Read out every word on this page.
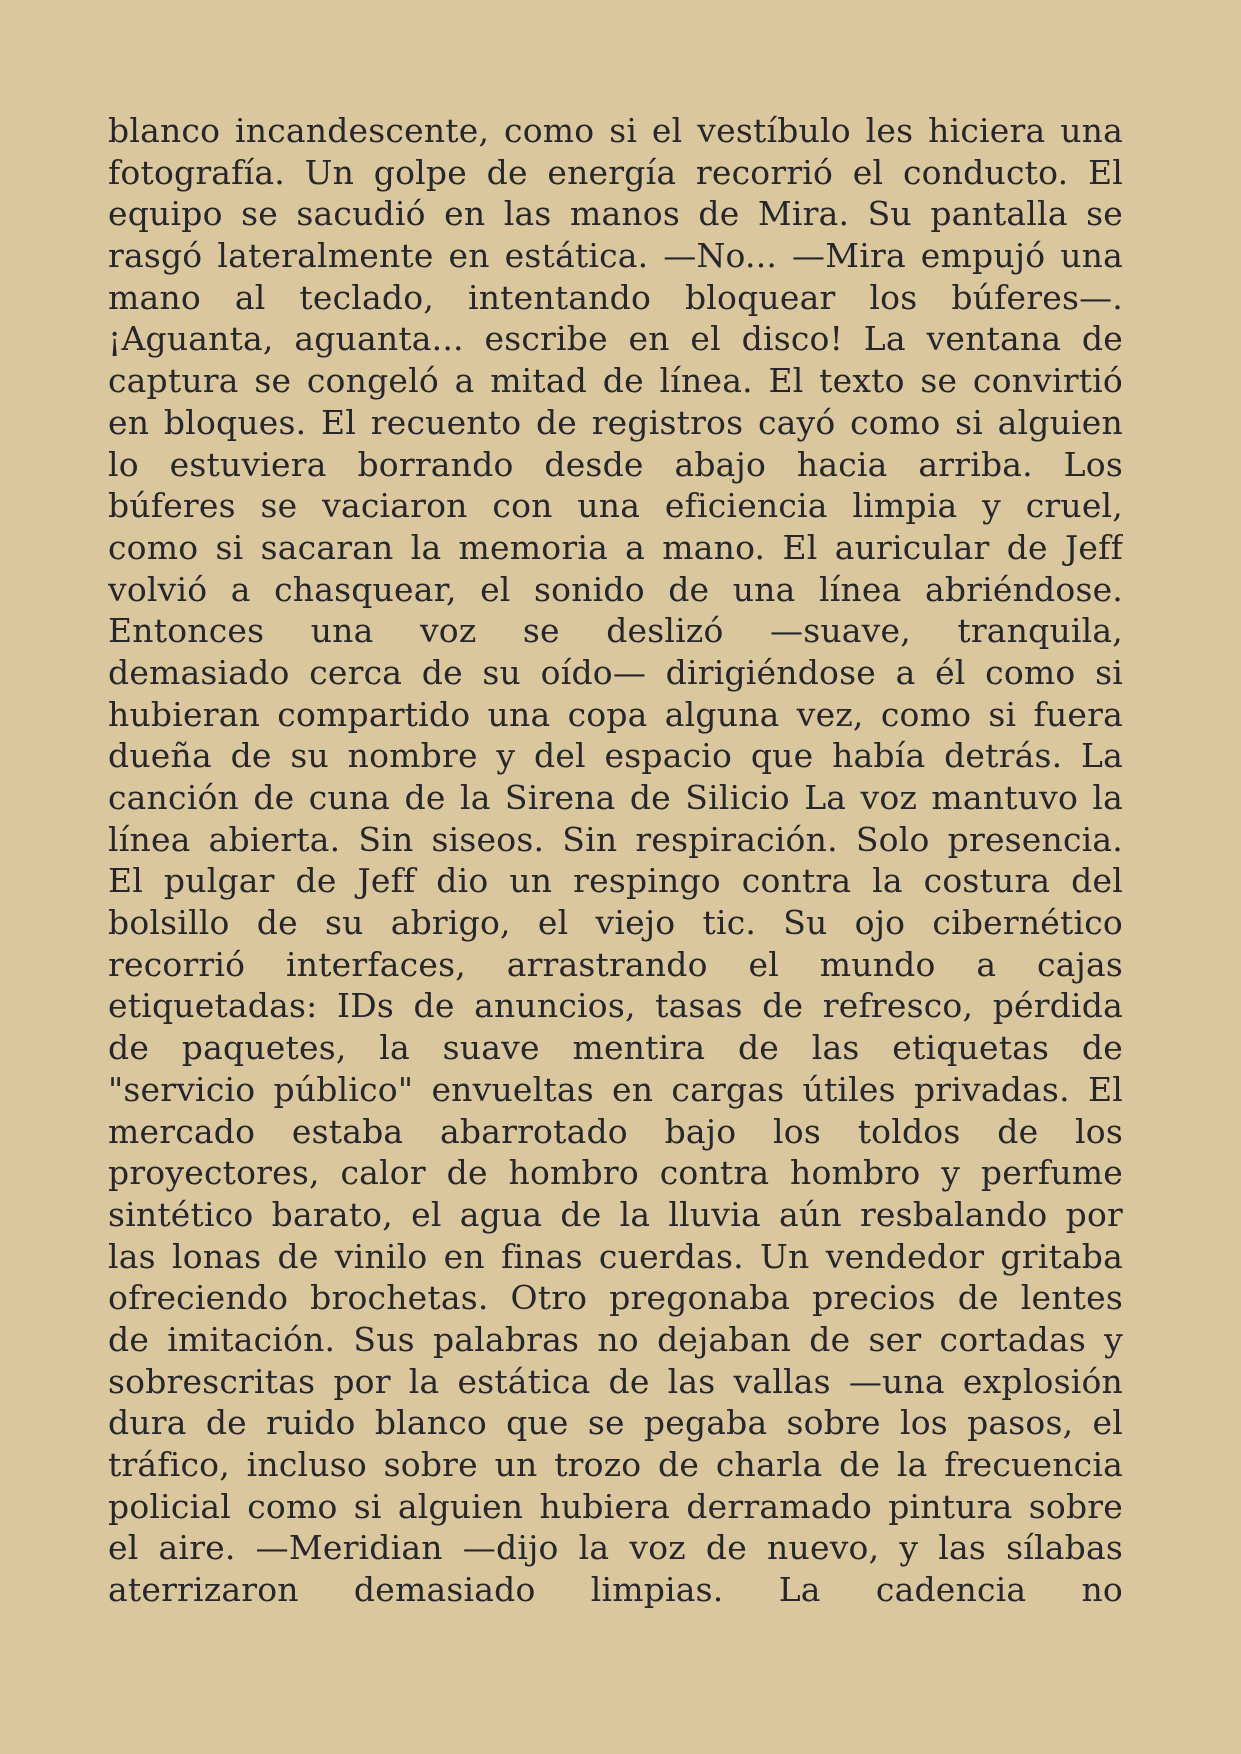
blanco incandescente, como si el vestíbulo les hiciera una
fotografía. Un golpe de energía recorrió el conducto. El
equipo se sacudió en las manos de Mira. Su pantalla se
rasgó lateralmente en estática. —No... —Mira empujó una
mano al teclado, intentando bloquear los búferes—.
¡Aguanta, aguanta... escribe en el disco! La ventana de
captura se congeló a mitad de línea. El texto se convirtió
en bloques. El recuento de registros cayó como si alguien
lo estuviera borrando desde abajo hacia arriba. Los
búferes se vaciaron con una eficiencia limpia y cruel,
como si sacaran la memoria a mano. El auricular de Jeff
volvió a chasquear, el sonido de una línea abriéndose.
Entonces una voz se deslizó —suave, tranquila,
demasiado cerca de su oído— dirigiéndose a él como si
hubieran compartido una copa alguna vez, como si fuera
dueña de su nombre y del espacio que había detrás. La
canción de cuna de la Sirena de Silicio La voz mantuvo la
línea abierta. Sin siseos. Sin respiración. Solo presencia.
El pulgar de Jeff dio un respingo contra la costura del
bolsillo de su abrigo, el viejo tic. Su ojo cibernético
recorrió interfaces, arrastrando el mundo a cajas
etiquetadas: IDs de anuncios, tasas de refresco, pérdida
de paquetes, la suave mentira de las etiquetas de
"servicio público" envueltas en cargas útiles privadas. El
mercado estaba abarrotado bajo los toldos de los
proyectores, calor de hombro contra hombro y perfume
sintético barato, el agua de la lluvia aún resbalando por
las lonas de vinilo en finas cuerdas. Un vendedor gritaba
ofreciendo brochetas. Otro pregonaba precios de lentes
de imitación. Sus palabras no dejaban de ser cortadas y
sobrescritas por la estática de las vallas —una explosión
dura de ruido blanco que se pegaba sobre los pasos, el
tráfico, incluso sobre un trozo de charla de la frecuencia
policial como si alguien hubiera derramado pintura sobre
el aire. —Meridian —dijo la voz de nuevo, y las sílabas
aterrizaron demasiado limpias. La cadencia no
